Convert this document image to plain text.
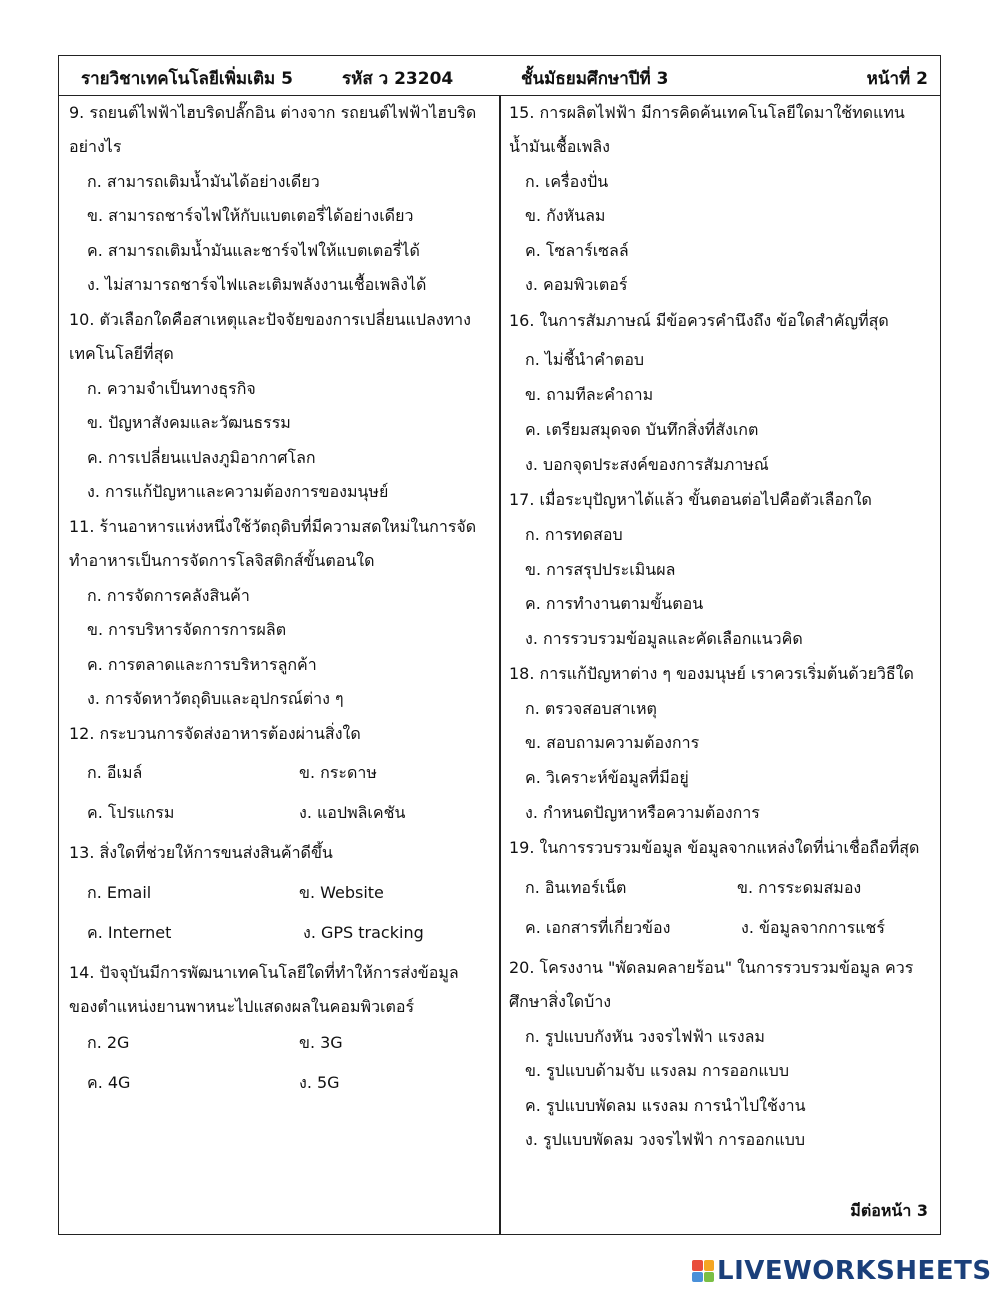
รายวิชาเทคโนโลยีเพิ่มเติม 5	รหัส ว 23204	ชั้นมัธยมศึกษาปีที่ 3	หน้าที่ 2
9. รถยนต์ไฟฟ้าไฮบริดปลั๊กอิน ต่างจาก รถยนต์ไฟฟ้าไฮบริด
อย่างไร
ก. สามารถเติมน้ำมันได้อย่างเดียว
ข. สามารถชาร์จไฟให้กับแบตเตอรี่ได้อย่างเดียว
ค. สามารถเติมน้ำมันและชาร์จไฟให้แบตเตอรี่ได้
ง. ไม่สามารถชาร์จไฟและเติมพลังงานเชื้อเพลิงได้
10. ตัวเลือกใดคือสาเหตุและปัจจัยของการเปลี่ยนแปลงทาง
เทคโนโลยีที่สุด
ก. ความจำเป็นทางธุรกิจ
ข. ปัญหาสังคมและวัฒนธรรม
ค. การเปลี่ยนแปลงภูมิอากาศโลก
ง. การแก้ปัญหาและความต้องการของมนุษย์
11. ร้านอาหารแห่งหนึ่งใช้วัตถุดิบที่มีความสดใหม่ในการจัด
ทำอาหารเป็นการจัดการโลจิสติกส์ขั้นตอนใด
ก. การจัดการคลังสินค้า
ข. การบริหารจัดการการผลิต
ค. การตลาดและการบริหารลูกค้า
ง. การจัดหาวัตถุดิบและอุปกรณ์ต่าง ๆ
12. กระบวนการจัดส่งอาหารต้องผ่านสิ่งใด
ก. อีเมล์	ข. กระดาษ
ค. โปรแกรม	ง. แอปพลิเคชัน
13. สิ่งใดที่ช่วยให้การขนส่งสินค้าดีขึ้น
ก. Email	ข. Website
ค. Internet	ง. GPS tracking
14. ปัจจุบันมีการพัฒนาเทคโนโลยีใดที่ทำให้การส่งข้อมูล
ของตำแหน่งยานพาหนะไปแสดงผลในคอมพิวเตอร์
ก. 2G	ข. 3G
ค. 4G	ง. 5G
15. การผลิตไฟฟ้า มีการคิดค้นเทคโนโลยีใดมาใช้ทดแทน
น้ำมันเชื้อเพลิง
ก. เครื่องปั่น
ข. กังหันลม
ค. โซลาร์เซลล์
ง. คอมพิวเตอร์
16. ในการสัมภาษณ์ มีข้อควรคำนึงถึง ข้อใดสำคัญที่สุด
ก. ไม่ชี้นำคำตอบ
ข. ถามทีละคำถาม
ค. เตรียมสมุดจด บันทึกสิ่งที่สังเกต
ง. บอกจุดประสงค์ของการสัมภาษณ์
17. เมื่อระบุปัญหาได้แล้ว ขั้นตอนต่อไปคือตัวเลือกใด
ก. การทดสอบ
ข. การสรุปประเมินผล
ค. การทำงานตามขั้นตอน
ง. การรวบรวมข้อมูลและคัดเลือกแนวคิด
18. การแก้ปัญหาต่าง ๆ ของมนุษย์ เราควรเริ่มต้นด้วยวิธีใด
ก. ตรวจสอบสาเหตุ
ข. สอบถามความต้องการ
ค. วิเคราะห์ข้อมูลที่มีอยู่
ง. กำหนดปัญหาหรือความต้องการ
19. ในการรวบรวมข้อมูล ข้อมูลจากแหล่งใดที่น่าเชื่อถือที่สุด
ก. อินเทอร์เน็ต	ข. การระดมสมอง
ค. เอกสารที่เกี่ยวข้อง	ง. ข้อมูลจากการแชร์
20. โครงงาน "พัดลมคลายร้อน" ในการรวบรวมข้อมูล ควร
ศึกษาสิ่งใดบ้าง
ก. รูปแบบกังหัน วงจรไฟฟ้า แรงลม
ข. รูปแบบด้ามจับ แรงลม การออกแบบ
ค. รูปแบบพัดลม แรงลม การนำไปใช้งาน
ง. รูปแบบพัดลม วงจรไฟฟ้า การออกแบบ
มีต่อหน้า 3
LIVEWORKSHEETS
